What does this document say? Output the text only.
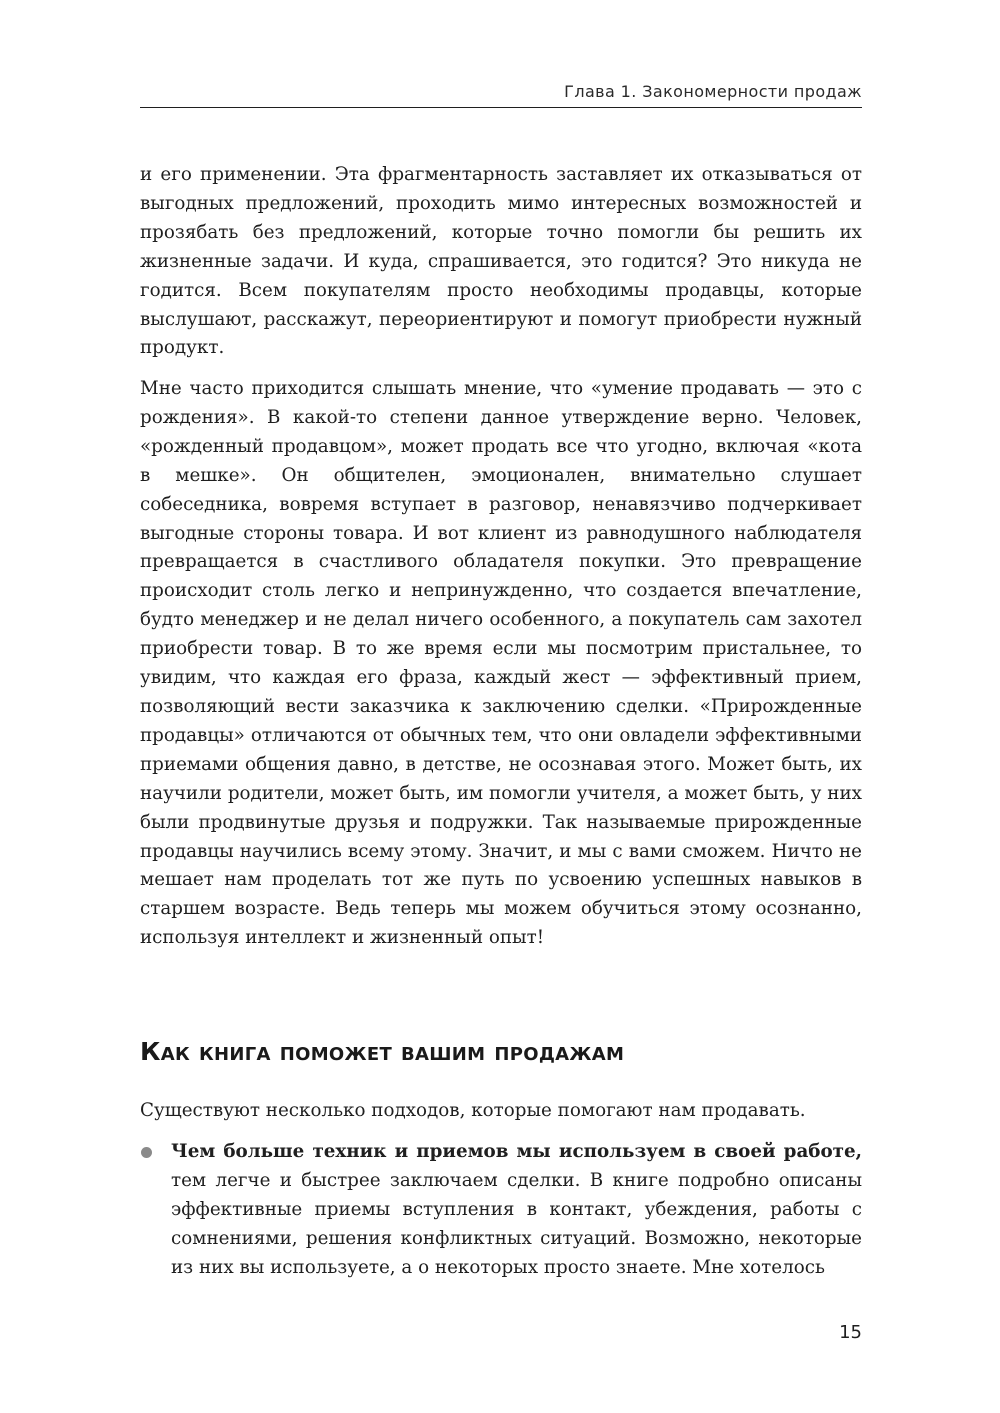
Глава 1. Закономерности продаж

и его применении. Эта фрагментарность заставляет их отказываться от выгодных предложений, проходить мимо интересных возможностей и прозябать без предложений, которые точно помогли бы решить их жизненные задачи. И куда, спрашивается, это годится? Это никуда не годится. Всем покупателям просто необходимы продавцы, которые выслушают, расскажут, переориентируют и помогут приобрести нужный продукт.

Мне часто приходится слышать мнение, что «умение продавать — это с рождения». В какой-то степени данное утверждение верно. Человек, «рожденный продавцом», может продать все что угодно, включая «кота в мешке». Он общителен, эмоционален, внимательно слушает собеседника, вовремя вступает в разговор, ненавязчиво подчеркивает выгодные стороны товара. И вот клиент из равнодушного наблюдателя превращается в счастливого обладателя покупки. Это превращение происходит столь легко и непринужденно, что создается впечатление, будто менеджер и не делал ничего особенного, а покупатель сам захотел приобрести товар. В то же время если мы посмотрим пристальнее, то увидим, что каждая его фраза, каждый жест — эффективный прием, позволяющий вести заказчика к заключению сделки. «Прирожденные продавцы» отличаются от обычных тем, что они овладели эффективными приемами общения давно, в детстве, не осознавая этого. Может быть, их научили родители, может быть, им помогли учителя, а может быть, у них были продвинутые друзья и подружки. Так называемые прирожденные продавцы научились всему этому. Значит, и мы с вами сможем. Ничто не мешает нам проделать тот же путь по усвоению успешных навыков в старшем возрасте. Ведь теперь мы можем обучиться этому осознанно, используя интеллект и жизненный опыт!

Как книга поможет вашим продажам

Существуют несколько подходов, которые помогают нам продавать.

Чем больше техник и приемов мы используем в своей работе, тем легче и быстрее заключаем сделки. В книге подробно описаны эффективные приемы вступления в контакт, убеждения, работы с сомнениями, решения конфликтных ситуаций. Возможно, некоторые из них вы используете, а о некоторых просто знаете. Мне хотелось
15
